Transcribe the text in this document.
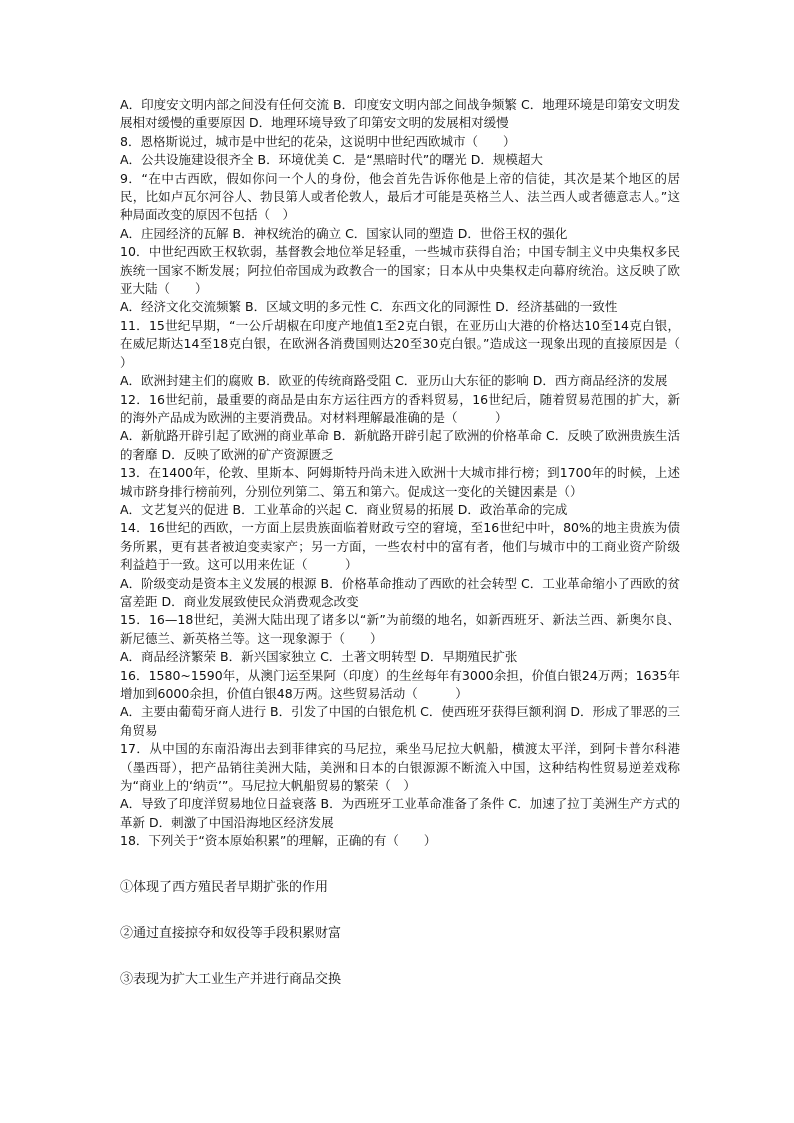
A．印度安文明内部之间没有任何交流 B．印度安文明内部之间战争频繁 C．地理环境是印第安文明发展相对缓慢的重要原因 D．地理环境导致了印第安文明的发展相对缓慢

8．恩格斯说过，城市是中世纪的花朵，这说明中世纪西欧城市（　　）

A．公共设施建设很齐全 B．环境优美 C．是“黑暗时代”的曙光 D．规模超大

9．“在中古西欧，假如你问一个人的身份，他会首先告诉你他是上帝的信徒，其次是某个地区的居民，比如卢瓦尔河谷人、勃艮第人或者伦敦人，最后才可能是英格兰人、法兰西人或者德意志人。”这种局面改变的原因不包括（　）

A．庄园经济的瓦解 B．神权统治的确立 C．国家认同的塑造 D．世俗王权的强化

10．中世纪西欧王权软弱，基督教会地位举足轻重，一些城市获得自治；中国专制主义中央集权多民族统一国家不断发展；阿拉伯帝国成为政教合一的国家；日本从中央集权走向幕府统治。这反映了欧亚大陆（　　）

A．经济文化交流频繁 B．区域文明的多元性 C．东西文化的同源性 D．经济基础的一致性

11．15世纪早期，“一公斤胡椒在印度产地值1至2克白银，在亚历山大港的价格达10至14克白银，在威尼斯达14至18克白银，在欧洲各消费国则达20至30克白银。”造成这一现象出现的直接原因是（　　）

A．欧洲封建主们的腐败 B．欧亚的传统商路受阻 C．亚历山大东征的影响 D．西方商品经济的发展

12．16世纪前，最重要的商品是由东方运往西方的香料贸易，16世纪后，随着贸易范围的扩大，新的海外产品成为欧洲的主要消费品。对材料理解最准确的是（　　　）

A．新航路开辟引起了欧洲的商业革命 B．新航路开辟引起了欧洲的价格革命 C．反映了欧洲贵族生活的奢靡 D．反映了欧洲的矿产资源匮乏

13．在1400年，伦敦、里斯本、阿姆斯特丹尚未进入欧洲十大城市排行榜；到1700年的时候，上述城市跻身排行榜前列，分别位列第二、第五和第六。促成这一变化的关键因素是（）

A．文艺复兴的促进 B．工业革命的兴起 C．商业贸易的拓展 D．政治革命的完成

14．16世纪的西欧，一方面上层贵族面临着财政亏空的窘境，至16世纪中叶，80%的地主贵族为债务所累，更有甚者被迫变卖家产；另一方面，一些农村中的富有者，他们与城市中的工商业资产阶级利益趋于一致。这可以用来佐证（　　　）

A．阶级变动是资本主义发展的根源 B．价格革命推动了西欧的社会转型 C．工业革命缩小了西欧的贫富差距 D．商业发展致使民众消费观念改变

15．16—18世纪，美洲大陆出现了诸多以“新”为前缀的地名，如新西班牙、新法兰西、新奥尔良、新尼德兰、新英格兰等。这一现象源于（　　）

A．商品经济繁荣 B．新兴国家独立 C．土著文明转型 D．早期殖民扩张

16．1580~1590年，从澳门运至果阿（印度）的生丝每年有3000余担，价值白银24万两；1635年增加到6000余担，价值白银48万两。这些贸易活动（　　　）

A．主要由葡萄牙商人进行 B．引发了中国的白银危机 C．使西班牙获得巨额利润 D．形成了罪恶的三角贸易

17．从中国的东南沿海出去到菲律宾的马尼拉，乘坐马尼拉大帆船，横渡太平洋，到阿卡普尔科港（墨西哥），把产品销往美洲大陆，美洲和日本的白银源源不断流入中国，这种结构性贸易逆差戏称为“商业上的‘纳贡’”。马尼拉大帆船贸易的繁荣（　）

A．导致了印度洋贸易地位日益衰落 B．为西班牙工业革命准备了条件 C．加速了拉丁美洲生产方式的革新 D．刺激了中国沿海地区经济发展

18．下列关于“资本原始积累”的理解，正确的有（　　）

①体现了西方殖民者早期扩张的作用

②通过直接掠夺和奴役等手段积累财富

③表现为扩大工业生产并进行商品交换
